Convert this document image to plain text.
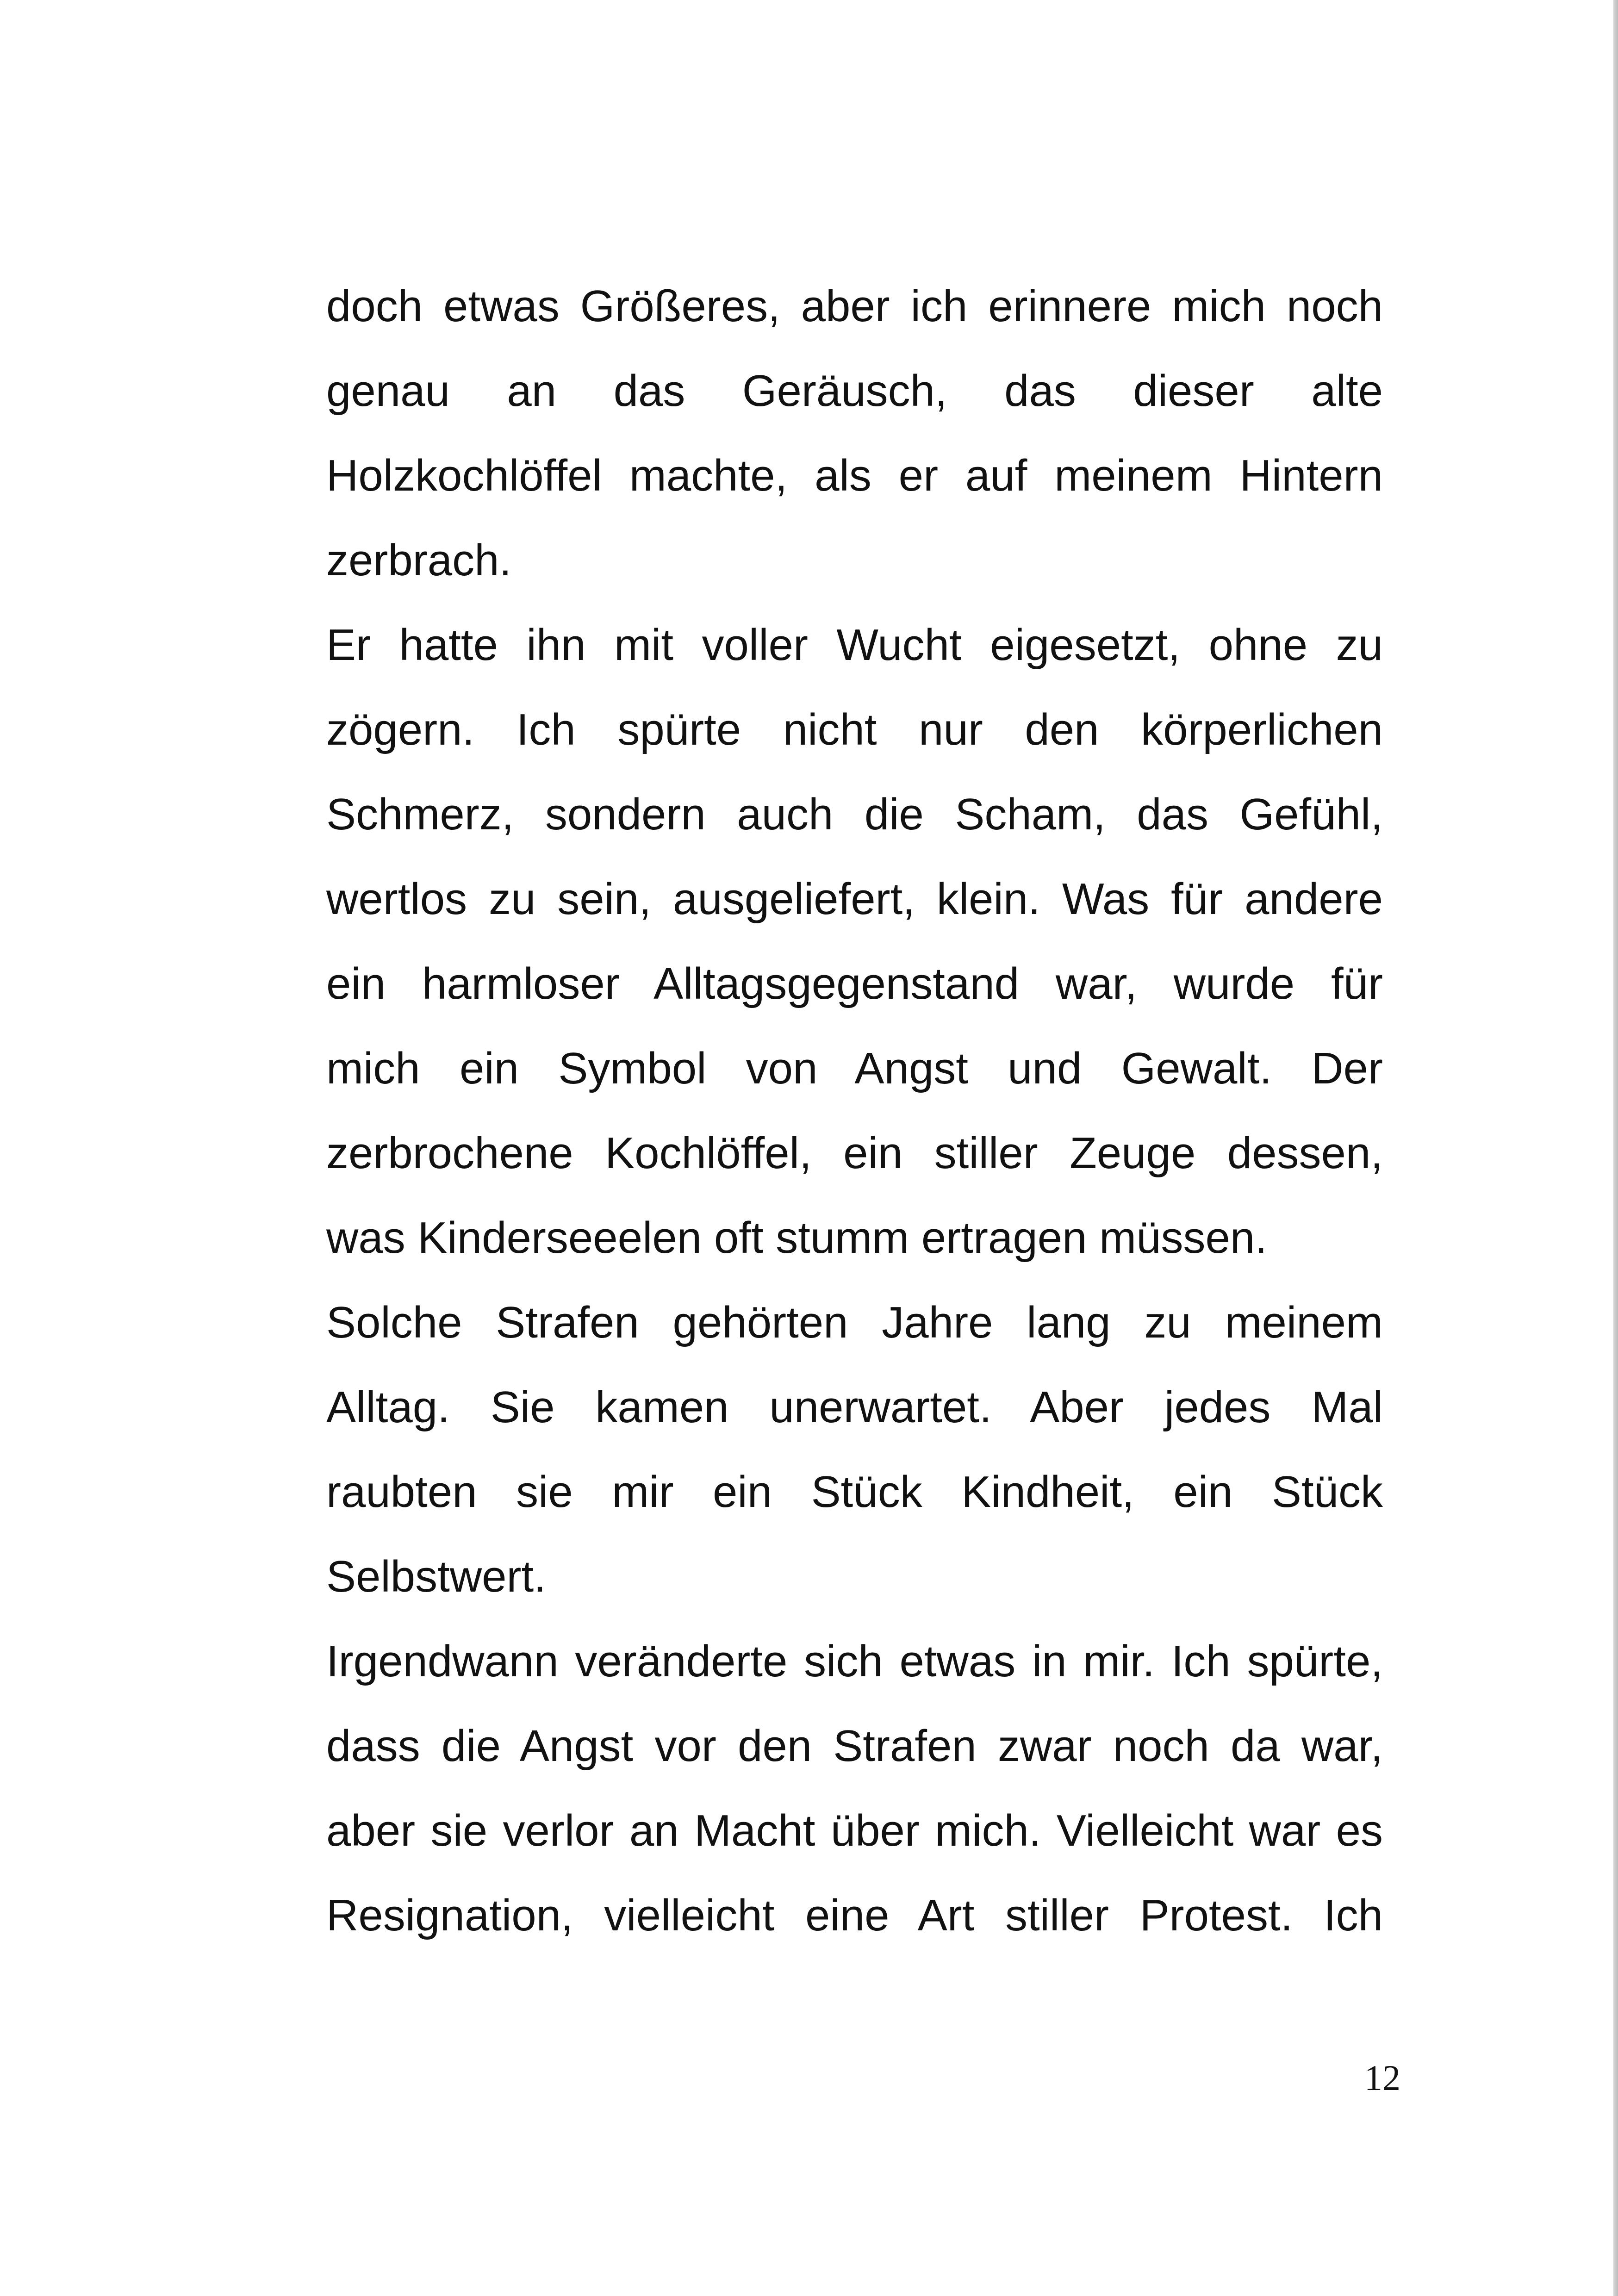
doch etwas Größeres, aber ich erinnere mich noch
genau an das Geräusch, das dieser alte
Holzkochlöffel machte, als er auf meinem Hintern
zerbrach.
Er hatte ihn mit voller Wucht eigesetzt, ohne zu
zögern. Ich spürte nicht nur den körperlichen
Schmerz, sondern auch die Scham, das Gefühl,
wertlos zu sein, ausgeliefert, klein. Was für andere
ein harmloser Alltagsgegenstand war, wurde für
mich ein Symbol von Angst und Gewalt. Der
zerbrochene Kochlöffel, ein stiller Zeuge dessen,
was Kinderseeelen oft stumm ertragen müssen.
Solche Strafen gehörten Jahre lang zu meinem
Alltag. Sie kamen unerwartet. Aber jedes Mal
raubten sie mir ein Stück Kindheit, ein Stück
Selbstwert.
Irgendwann veränderte sich etwas in mir. Ich spürte,
dass die Angst vor den Strafen zwar noch da war,
aber sie verlor an Macht über mich. Vielleicht war es
Resignation, vielleicht eine Art stiller Protest. Ich
12
